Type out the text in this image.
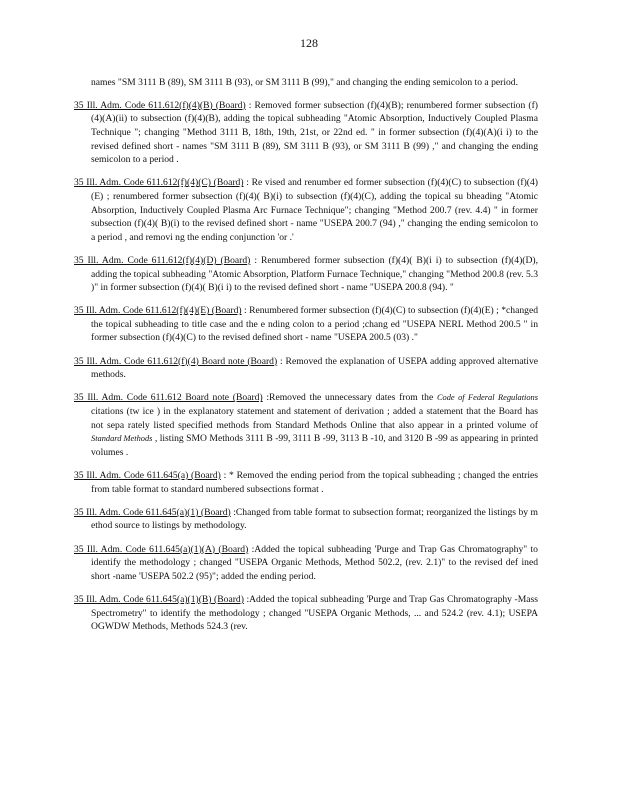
128

names "SM 3111 B (89), SM 3111 B (93), or SM 3111 B (99)," and changing the ending semicolon to a period.

35 Ill. Adm. Code 611.612(f)(4)(B) (Board) : Removed former subsection (f)(4)(B); renumbered former subsection (f)(4)(A)(ii) to subsection (f)(4)(B), adding the topical subheading "Atomic Absorption, Inductively Coupled Plasma Technique "; changing "Method 3111 B, 18th, 19th, 21st, or 22nd ed. " in former subsection (f)(4)(A)(i i) to the revised defined short - names "SM 3111 B (89), SM 3111 B (93), or SM 3111 B (99) ," and changing the ending semicolon to a period .

35 Ill. Adm. Code 611.612(f)(4)(C) (Board) : Re vised and renumber ed former subsection (f)(4)(C) to subsection (f)(4)(E) ; renumbered former subsection (f)(4)( B)(i) to subsection (f)(4)(C), adding the topical su bheading "Atomic Absorption, Inductively Coupled Plasma Arc Furnace Technique"; changing "Method 200.7 (rev. 4.4) " in former subsection (f)(4)( B)(i) to the revised defined short - name "USEPA 200.7 (94) ," changing the ending semicolon to a period , and removi ng the ending conjunction 'or .'

35 Ill. Adm. Code 611.612(f)(4)(D) (Board) : Renumbered former subsection (f)(4)( B)(i i) to subsection (f)(4)(D), adding the topical subheading "Atomic Absorption, Platform Furnace Technique," changing "Method 200.8 (rev. 5.3 )" in former subsection (f)(4)( B)(i i) to the revised defined short - name "USEPA 200.8 (94). "

35 Ill. Adm. Code 611.612(f)(4)(E) (Board) : Renumbered former subsection (f)(4)(C) to subsection (f)(4)(E) ; *changed the topical subheading to title case and the e nding colon to a period ;chang ed "USEPA NERL Method 200.5 " in former subsection (f)(4)(C) to the revised defined short - name "USEPA 200.5 (03) ."

35 Ill. Adm. Code 611.612(f)(4) Board note (Board) : Removed the explanation of USEPA adding approved alternative methods.

35 Ill. Adm. Code 611.612 Board note (Board) :Removed the unnecessary dates from the Code of Federal Regulations citations (tw ice ) in the explanatory statement and statement of derivation ; added a statement that the Board has not sepa rately listed specified methods from Standard Methods Online that also appear in a printed volume of Standard Methods , listing SMO Methods 3111 B -99, 3111 B -99, 3113 B -10, and 3120 B -99 as appearing in printed volumes .

35 Ill. Adm. Code 611.645(a) (Board) : * Removed the ending period from the topical subheading ; changed the entries from table format to standard numbered subsections format .

35 Ill. Adm. Code 611.645(a)(1) (Board) :Changed from table format to subsection format; reorganized the listings by m ethod source to listings by methodology.

35 Ill. Adm. Code 611.645(a)(1)(A) (Board) :Added the topical subheading 'Purge and Trap Gas Chromatography" to identify the methodology ; changed "USEPA Organic Methods, Method 502.2, (rev. 2.1)" to the revised def ined short -name 'USEPA 502.2 (95)"; added the ending period.

35 Ill. Adm. Code 611.645(a)(1)(B) (Board) :Added the topical subheading 'Purge and Trap Gas Chromatography -Mass Spectrometry" to identify the methodology ; changed "USEPA Organic Methods, ... and 524.2 (rev. 4.1); USEPA OGWDW Methods, Methods 524.3 (rev.
